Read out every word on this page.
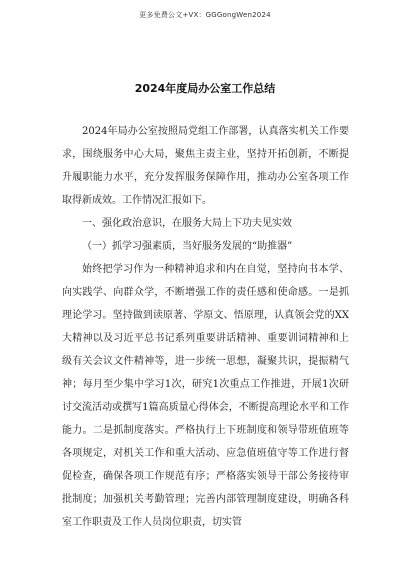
更多免费公文+VX：GGGongWen2024
2024年度局办公室工作总结

2024年局办公室按照局党组工作部署，认真落实机关工作要求，围绕服务中心大局，聚焦主责主业，坚持开拓创新，不断提升履职能力水平，充分发挥服务保障作用，推动办公室各项工作取得新成效。工作情况汇报如下。

一、强化政治意识，在服务大局上下功夫见实效

（一）抓学习强素质，当好服务发展的“助推器”

始终把学习作为一种精神追求和内在自觉，坚持向书本学、向实践学、向群众学，不断增强工作的责任感和使命感。一是抓理论学习。坚持做到读原著、学原文、悟原理，认真领会党的XX大精神以及习近平总书记系列重要讲话精神、重要训词精神和上级有关会议文件精神等，进一步统一思想，凝聚共识，提振精气神；每月至少集中学习1次，研究1次重点工作推进，开展1次研讨交流活动或撰写1篇高质量心得体会，不断提高理论水平和工作能力。二是抓制度落实。严格执行上下班制度和领导带班值班等各项规定，对机关工作和重大活动、应急值班值守等工作进行督促检查，确保各项工作规范有序；严格落实领导干部公务接待审批制度；加强机关考勤管理；完善内部管理制度建设，明确各科室工作职责及工作人员岗位职责，切实管
